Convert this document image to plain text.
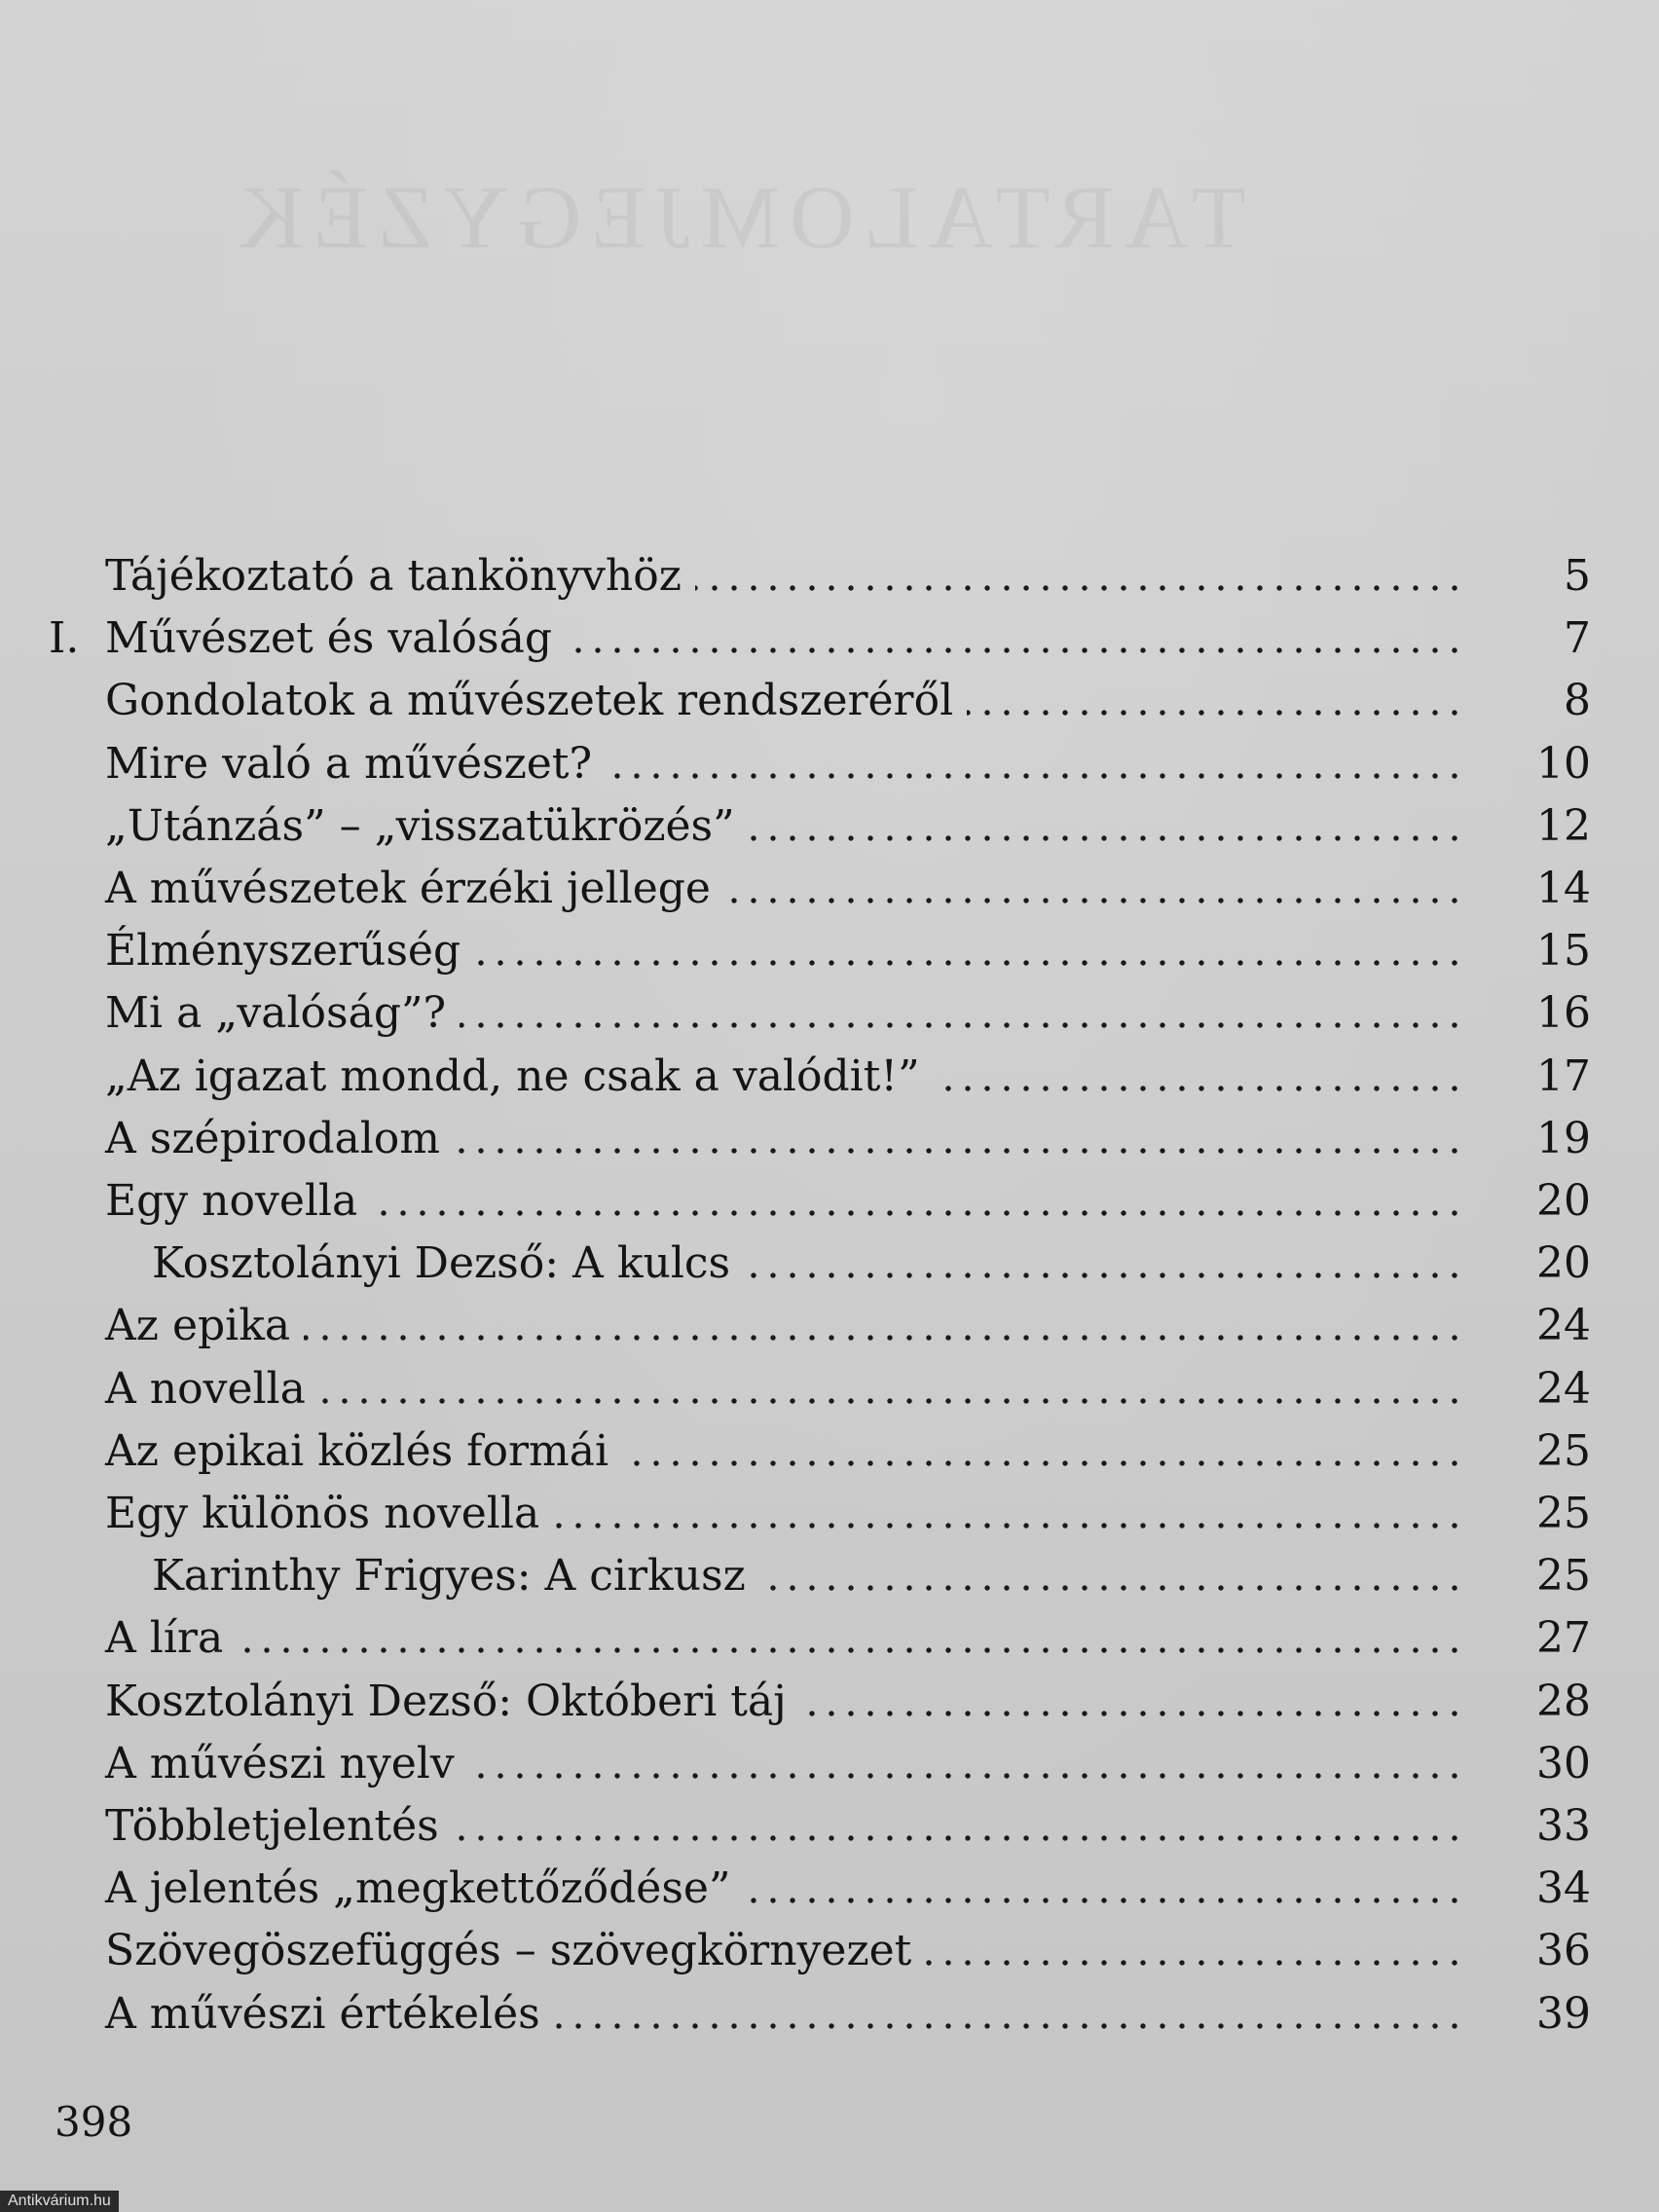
TARTALOMJEGYZÉK
Tájékoztató a tankönyvhöz	5
I. Művészet és valóság	7
Gondolatok a művészetek rendszeréről	8
Mire való a művészet?	10
„Utánzás” – „visszatükrözés”	12
A művészetek érzéki jellege	14
Élményszerűség	15
Mi a „valóság”?	16
„Az igazat mondd, ne csak a valódit!”	17
A szépirodalom	19
Egy novella	20
Kosztolányi Dezső: A kulcs	20
Az epika	24
A novella	24
Az epikai közlés formái	25
Egy különös novella	25
Karinthy Frigyes: A cirkusz	25
A líra	27
Kosztolányi Dezső: Októberi táj	28
A művészi nyelv	30
Többletjelentés	33
A jelentés „megkettőződése”	34
Szövegöszefüggés – szövegkörnyezet	36
A művészi értékelés	39
398
Antikvárium.hu
